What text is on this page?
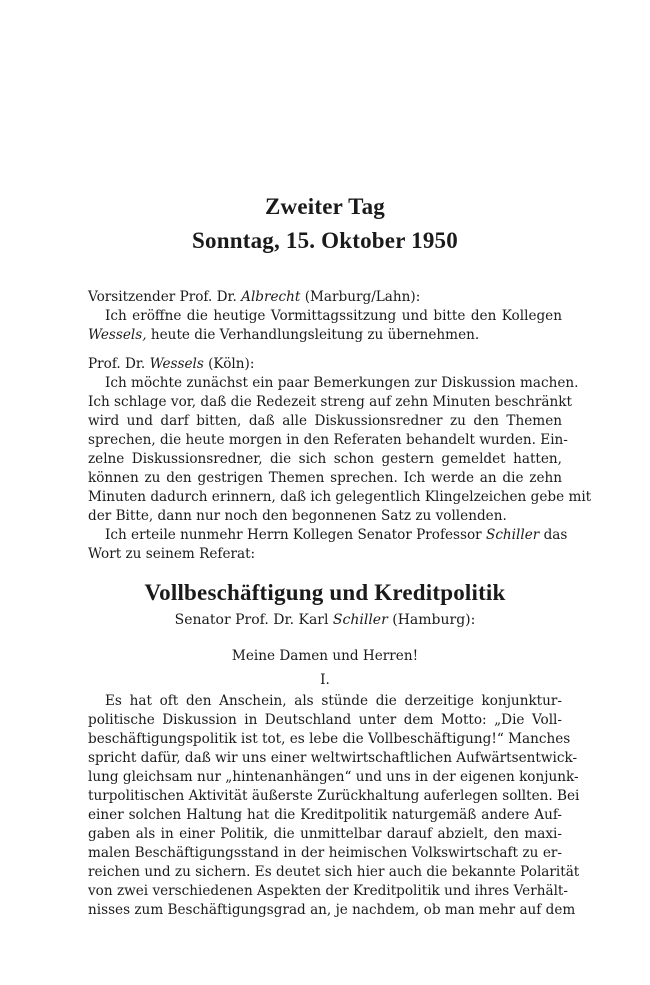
Zweiter Tag
Sonntag, 15. Oktober 1950
Vorsitzender Prof. Dr. Albrecht (Marburg/Lahn):
Ich eröffne die heutige Vormittagssitzung und bitte den Kollegen
Wessels, heute die Verhandlungsleitung zu übernehmen.
Prof. Dr. Wessels (Köln):
Ich möchte zunächst ein paar Bemerkungen zur Diskussion machen.
Ich schlage vor, daß die Redezeit streng auf zehn Minuten beschränkt
wird und darf bitten, daß alle Diskussionsredner zu den Themen
sprechen, die heute morgen in den Referaten behandelt wurden. Ein-
zelne Diskussionsredner, die sich schon gestern gemeldet hatten,
können zu den gestrigen Themen sprechen. Ich werde an die zehn
Minuten dadurch erinnern, daß ich gelegentlich Klingelzeichen gebe mit
der Bitte, dann nur noch den begonnenen Satz zu vollenden.
Ich erteile nunmehr Herrn Kollegen Senator Professor Schiller das
Wort zu seinem Referat:
Vollbeschäftigung und Kreditpolitik
Senator Prof. Dr. Karl Schiller (Hamburg):
Meine Damen und Herren!
I.
Es hat oft den Anschein, als stünde die derzeitige konjunktur-
politische Diskussion in Deutschland unter dem Motto: „Die Voll-
beschäftigungspolitik ist tot, es lebe die Vollbeschäftigung!“ Manches
spricht dafür, daß wir uns einer weltwirtschaftlichen Aufwärtsentwick-
lung gleichsam nur „hintenanhängen“ und uns in der eigenen konjunk-
turpolitischen Aktivität äußerste Zurückhaltung auferlegen sollten. Bei
einer solchen Haltung hat die Kreditpolitik naturgemäß andere Auf-
gaben als in einer Politik, die unmittelbar darauf abzielt, den maxi-
malen Beschäftigungsstand in der heimischen Volkswirtschaft zu er-
reichen und zu sichern. Es deutet sich hier auch die bekannte Polarität
von zwei verschiedenen Aspekten der Kreditpolitik und ihres Verhält-
nisses zum Beschäftigungsgrad an, je nachdem, ob man mehr auf dem
